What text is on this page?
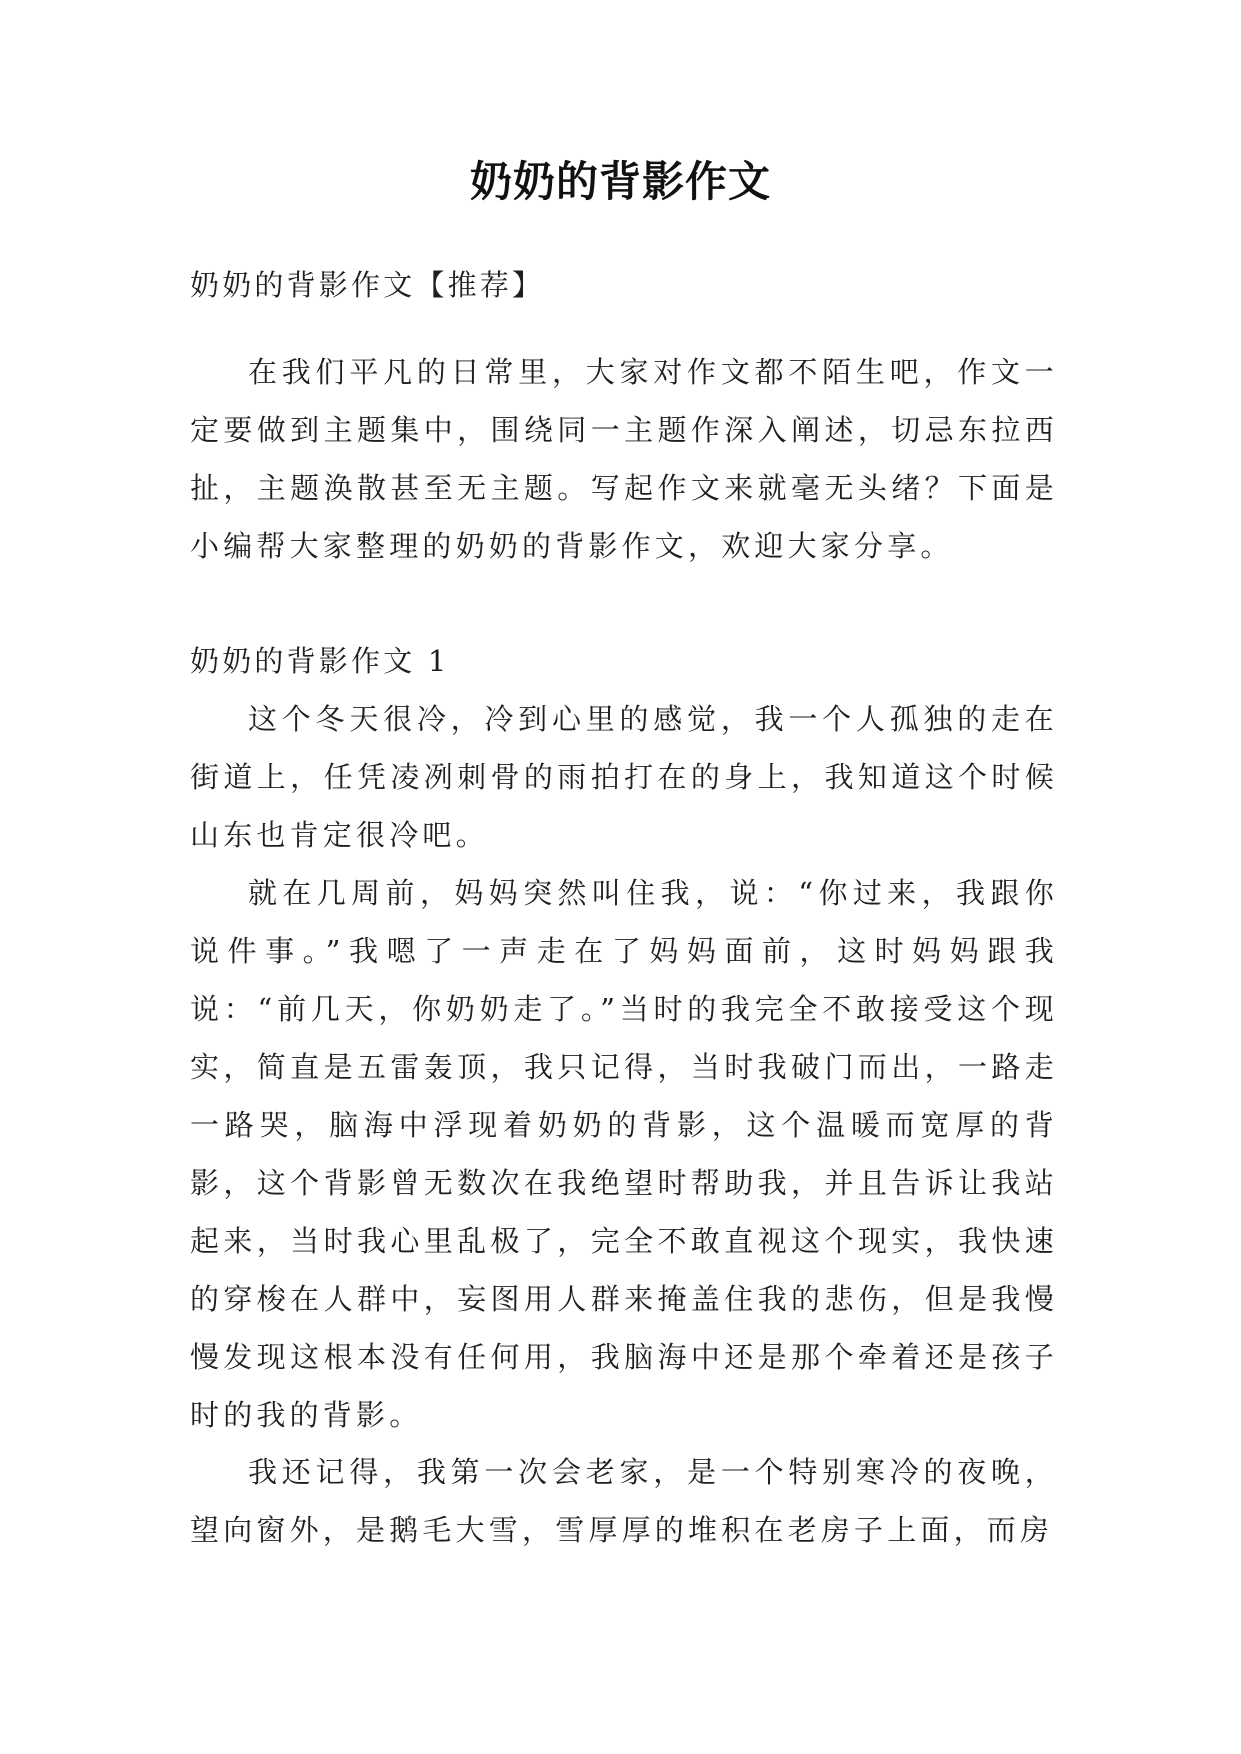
奶奶的背影作文

奶奶的背影作文【推荐】

在我们平凡的日常里，大家对作文都不陌生吧，作文一定要做到主题集中，围绕同一主题作深入阐述，切忌东拉西扯，主题涣散甚至无主题。写起作文来就毫无头绪？下面是小编帮大家整理的奶奶的背影作文，欢迎大家分享。

奶奶的背影作文 1

这个冬天很冷，冷到心里的感觉，我一个人孤独的走在街道上，任凭凌冽刺骨的雨拍打在的身上，我知道这个时候山东也肯定很冷吧。

就在几周前，妈妈突然叫住我，说：“你过来，我跟你说件事。”我嗯了一声走在了妈妈面前，这时妈妈跟我说：“前几天，你奶奶走了。”当时的我完全不敢接受这个现实，简直是五雷轰顶，我只记得，当时我破门而出，一路走一路哭，脑海中浮现着奶奶的背影，这个温暖而宽厚的背影，这个背影曾无数次在我绝望时帮助我，并且告诉让我站起来，当时我心里乱极了，完全不敢直视这个现实，我快速的穿梭在人群中，妄图用人群来掩盖住我的悲伤，但是我慢慢发现这根本没有任何用，我脑海中还是那个牵着还是孩子时的我的背影。

我还记得，我第一次会老家，是一个特别寒冷的夜晚，望向窗外，是鹅毛大雪，雪厚厚的堆积在老房子上面，而房
